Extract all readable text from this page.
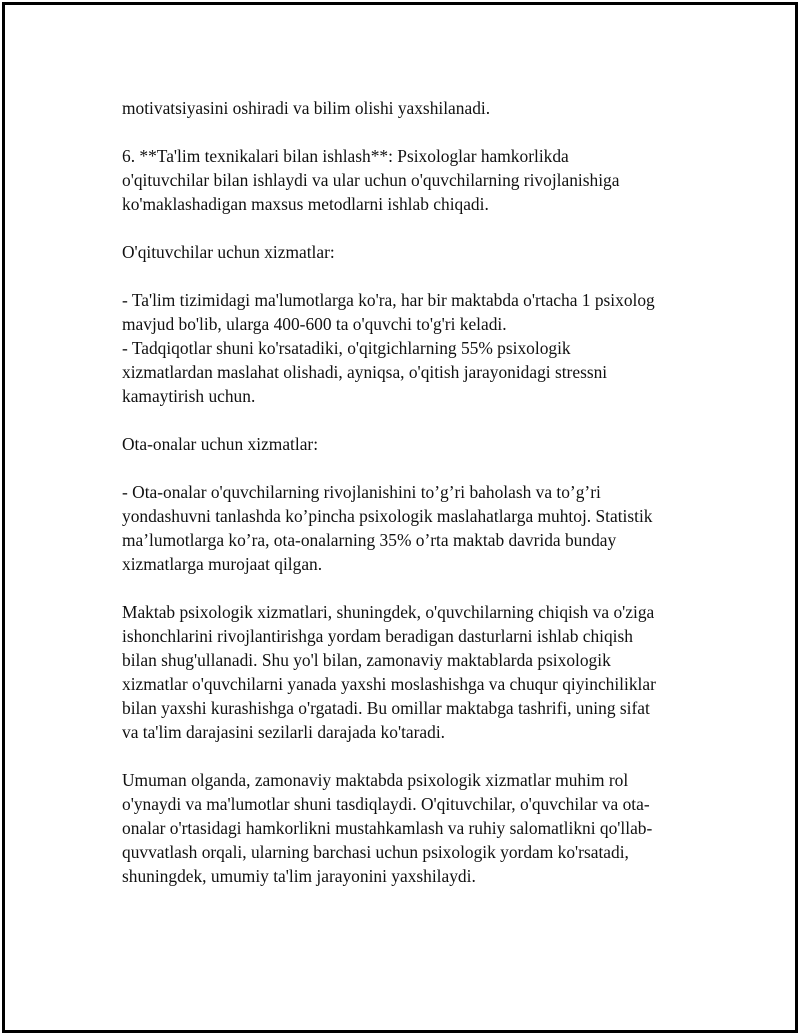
motivatsiyasini oshiradi va bilim olishi yaxshilanadi.

6. **Ta'lim texnikalari bilan ishlash**: Psixologlar hamkorlikda
o'qituvchilar bilan ishlaydi va ular uchun o'quvchilarning rivojlanishiga
ko'maklashadigan maxsus metodlarni ishlab chiqadi.

O'qituvchilar uchun xizmatlar:

- Ta'lim tizimidagi ma'lumotlarga ko'ra, har bir maktabda o'rtacha 1 psixolog
mavjud bo'lib, ularga 400-600 ta o'quvchi to'g'ri keladi.
- Tadqiqotlar shuni ko'rsatadiki, o'qitgichlarning 55% psixologik
xizmatlardan maslahat olishadi, ayniqsa, o'qitish jarayonidagi stressni
kamaytirish uchun.

Ota-onalar uchun xizmatlar:

- Ota-onalar o'quvchilarning rivojlanishini to’g’ri baholash va to’g’ri
yondashuvni tanlashda ko’pincha psixologik maslahatlarga muhtoj. Statistik
ma’lumotlarga ko’ra, ota-onalarning 35% o’rta maktab davrida bunday
xizmatlarga murojaat qilgan.

Maktab psixologik xizmatlari, shuningdek, o'quvchilarning chiqish va o'ziga
ishonchlarini rivojlantirishga yordam beradigan dasturlarni ishlab chiqish
bilan shug'ullanadi. Shu yo'l bilan, zamonaviy maktablarda psixologik
xizmatlar o'quvchilarni yanada yaxshi moslashishga va chuqur qiyinchiliklar
bilan yaxshi kurashishga o'rgatadi. Bu omillar maktabga tashrifi, uning sifat
va ta'lim darajasini sezilarli darajada ko'taradi.

Umuman olganda, zamonaviy maktabda psixologik xizmatlar muhim rol
o'ynaydi va ma'lumotlar shuni tasdiqlaydi. O'qituvchilar, o'quvchilar va ota-
onalar o'rtasidagi hamkorlikni mustahkamlash va ruhiy salomatlikni qo'llab-
quvvatlash orqali, ularning barchasi uchun psixologik yordam ko'rsatadi,
shuningdek, umumiy ta'lim jarayonini yaxshilaydi.
